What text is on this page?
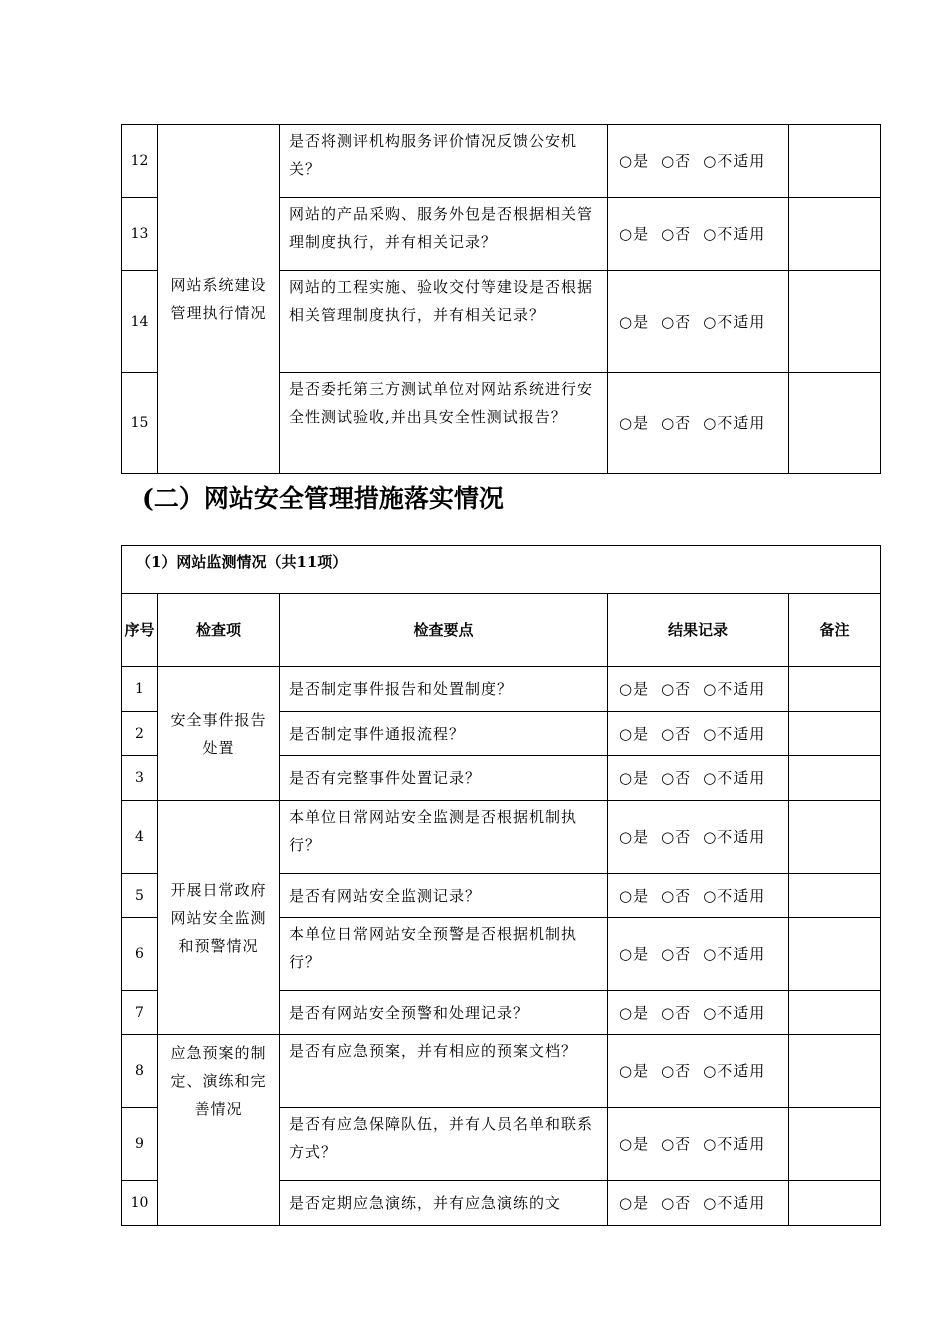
12	网站系统建设管理执行情况	是否将测评机构服务评价情况反馈公安机关？	○是 ○否 ○不适用	
13		网站的产品采购、服务外包是否根据相关管理制度执行，并有相关记录？	○是 ○否 ○不适用	
14		网站的工程实施、验收交付等建设是否根据相关管理制度执行，并有相关记录？	○是 ○否 ○不适用	
15		是否委托第三方测试单位对网站系统进行安全性测试验收,并出具安全性测试报告？	○是 ○否 ○不适用	
(二）网站安全管理措施落实情况
（1）网站监测情况（共11项）				
序号	检查项	检查要点	结果记录	备注
1	安全事件报告处置	是否制定事件报告和处置制度？	○是 ○否 ○不适用	
2		是否制定事件通报流程？	○是 ○否 ○不适用	
3		是否有完整事件处置记录？	○是 ○否 ○不适用	
4	开展日常政府网站安全监测和预警情况	本单位日常网站安全监测是否根据机制执行？	○是 ○否 ○不适用	
5		是否有网站安全监测记录？	○是 ○否 ○不适用	
6		本单位日常网站安全预警是否根据机制执行？	○是 ○否 ○不适用	
7		是否有网站安全预警和处理记录？	○是 ○否 ○不适用	
8	应急预案的制定、演练和完善情况	是否有应急预案，并有相应的预案文档？	○是 ○否 ○不适用	
9		是否有应急保障队伍，并有人员名单和联系方式？	○是 ○否 ○不适用	
10		是否定期应急演练，并有应急演练的文	○是 ○否 ○不适用	
